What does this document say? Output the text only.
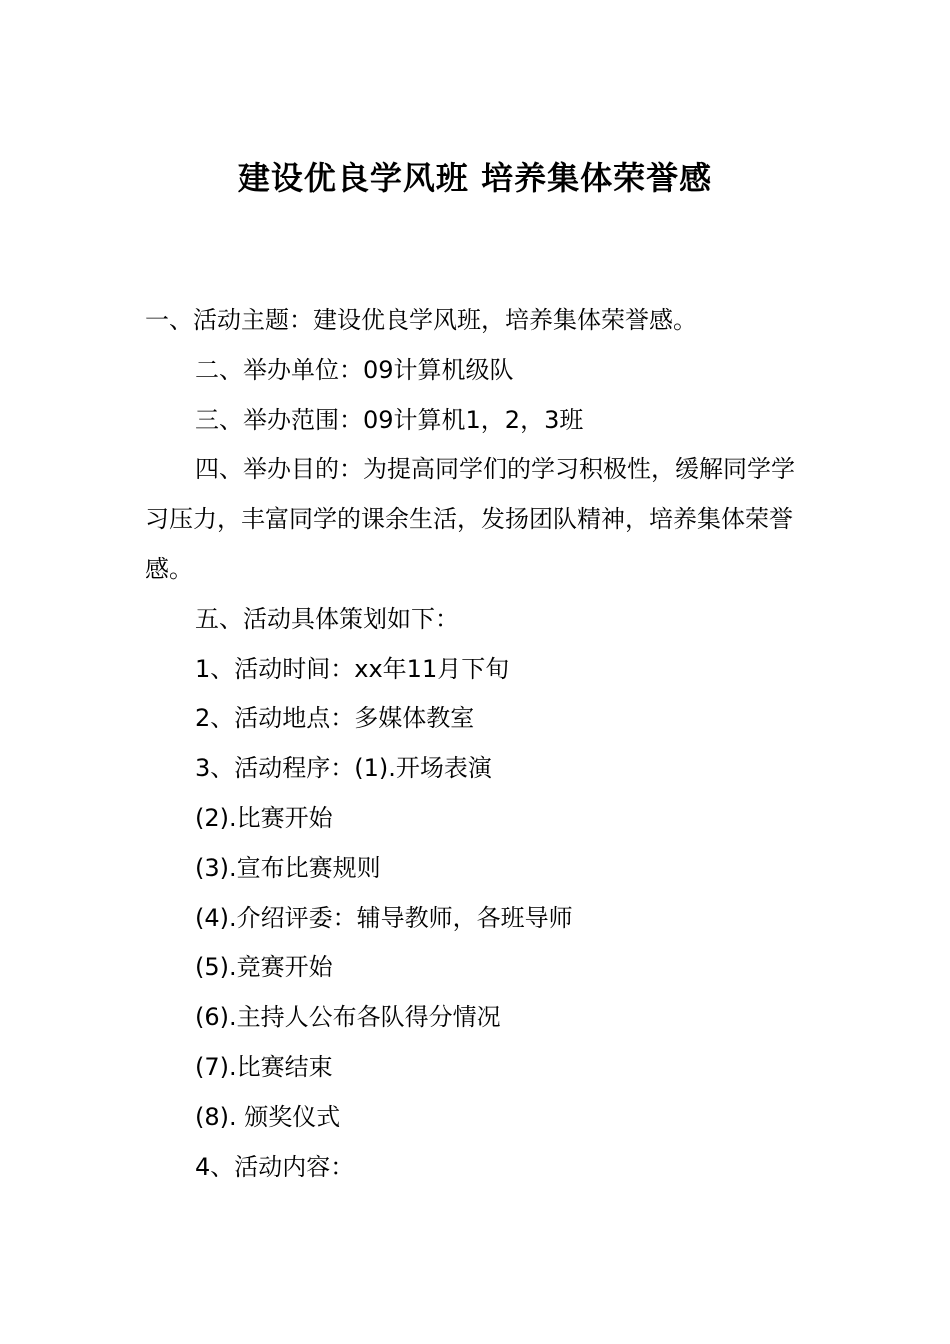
建设优良学风班 培养集体荣誉感

一、活动主题：建设优良学风班，培养集体荣誉感。

二、举办单位：09计算机级队

三、举办范围：09计算机1，2，3班

四、举办目的：为提高同学们的学习积极性，缓解同学学习压力，丰富同学的课余生活，发扬团队精神，培养集体荣誉感。

五、活动具体策划如下：

1、活动时间：xx年11月下旬

2、活动地点：多媒体教室

3、活动程序：(1).开场表演

(2).比赛开始

(3).宣布比赛规则

(4).介绍评委：辅导教师，各班导师

(5).竞赛开始

(6).主持人公布各队得分情况

(7).比赛结束

(8). 颁奖仪式

4、活动内容：
